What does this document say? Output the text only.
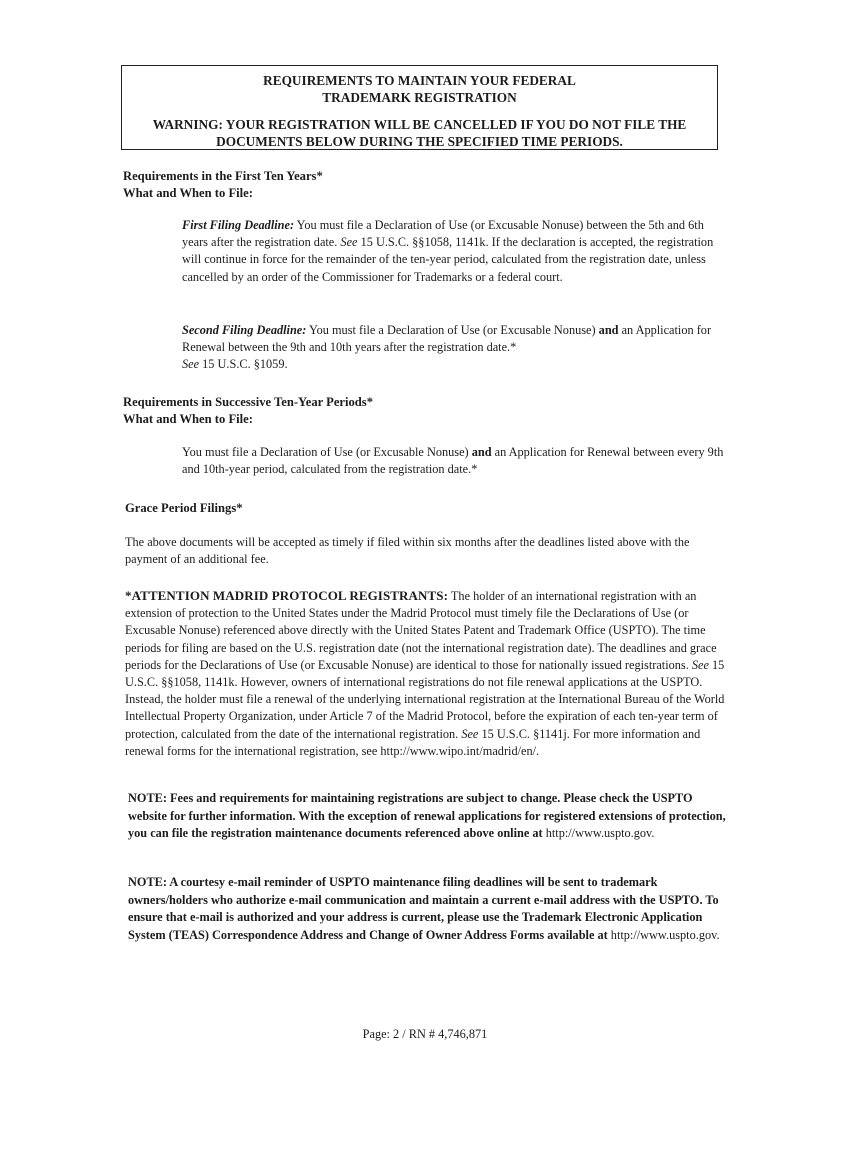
REQUIREMENTS TO MAINTAIN YOUR FEDERAL
TRADEMARK REGISTRATION
WARNING: YOUR REGISTRATION WILL BE CANCELLED IF YOU DO NOT FILE THE
DOCUMENTS BELOW DURING THE SPECIFIED TIME PERIODS.
Requirements in the First Ten Years*
What and When to File:
First Filing Deadline: You must file a Declaration of Use (or Excusable Nonuse) between the 5th and 6th years after the registration date. See 15 U.S.C. §§1058, 1141k. If the declaration is accepted, the registration will continue in force for the remainder of the ten-year period, calculated from the registration date, unless cancelled by an order of the Commissioner for Trademarks or a federal court.
Second Filing Deadline: You must file a Declaration of Use (or Excusable Nonuse) and an Application for Renewal between the 9th and 10th years after the registration date.*
See 15 U.S.C. §1059.
Requirements in Successive Ten-Year Periods*
What and When to File:
You must file a Declaration of Use (or Excusable Nonuse) and an Application for Renewal between every 9th and 10th-year period, calculated from the registration date.*
Grace Period Filings*
The above documents will be accepted as timely if filed within six months after the deadlines listed above with the payment of an additional fee.
*ATTENTION MADRID PROTOCOL REGISTRANTS: The holder of an international registration with an extension of protection to the United States under the Madrid Protocol must timely file the Declarations of Use (or Excusable Nonuse) referenced above directly with the United States Patent and Trademark Office (USPTO). The time periods for filing are based on the U.S. registration date (not the international registration date). The deadlines and grace periods for the Declarations of Use (or Excusable Nonuse) are identical to those for nationally issued registrations. See 15 U.S.C. §§1058, 1141k. However, owners of international registrations do not file renewal applications at the USPTO. Instead, the holder must file a renewal of the underlying international registration at the International Bureau of the World Intellectual Property Organization, under Article 7 of the Madrid Protocol, before the expiration of each ten-year term of protection, calculated from the date of the international registration. See 15 U.S.C. §1141j. For more information and renewal forms for the international registration, see http://www.wipo.int/madrid/en/.
NOTE: Fees and requirements for maintaining registrations are subject to change. Please check the USPTO website for further information. With the exception of renewal applications for registered extensions of protection, you can file the registration maintenance documents referenced above online at http://www.uspto.gov.
NOTE: A courtesy e-mail reminder of USPTO maintenance filing deadlines will be sent to trademark owners/holders who authorize e-mail communication and maintain a current e-mail address with the USPTO. To ensure that e-mail is authorized and your address is current, please use the Trademark Electronic Application System (TEAS) Correspondence Address and Change of Owner Address Forms available at http://www.uspto.gov.
Page: 2 / RN # 4,746,871
